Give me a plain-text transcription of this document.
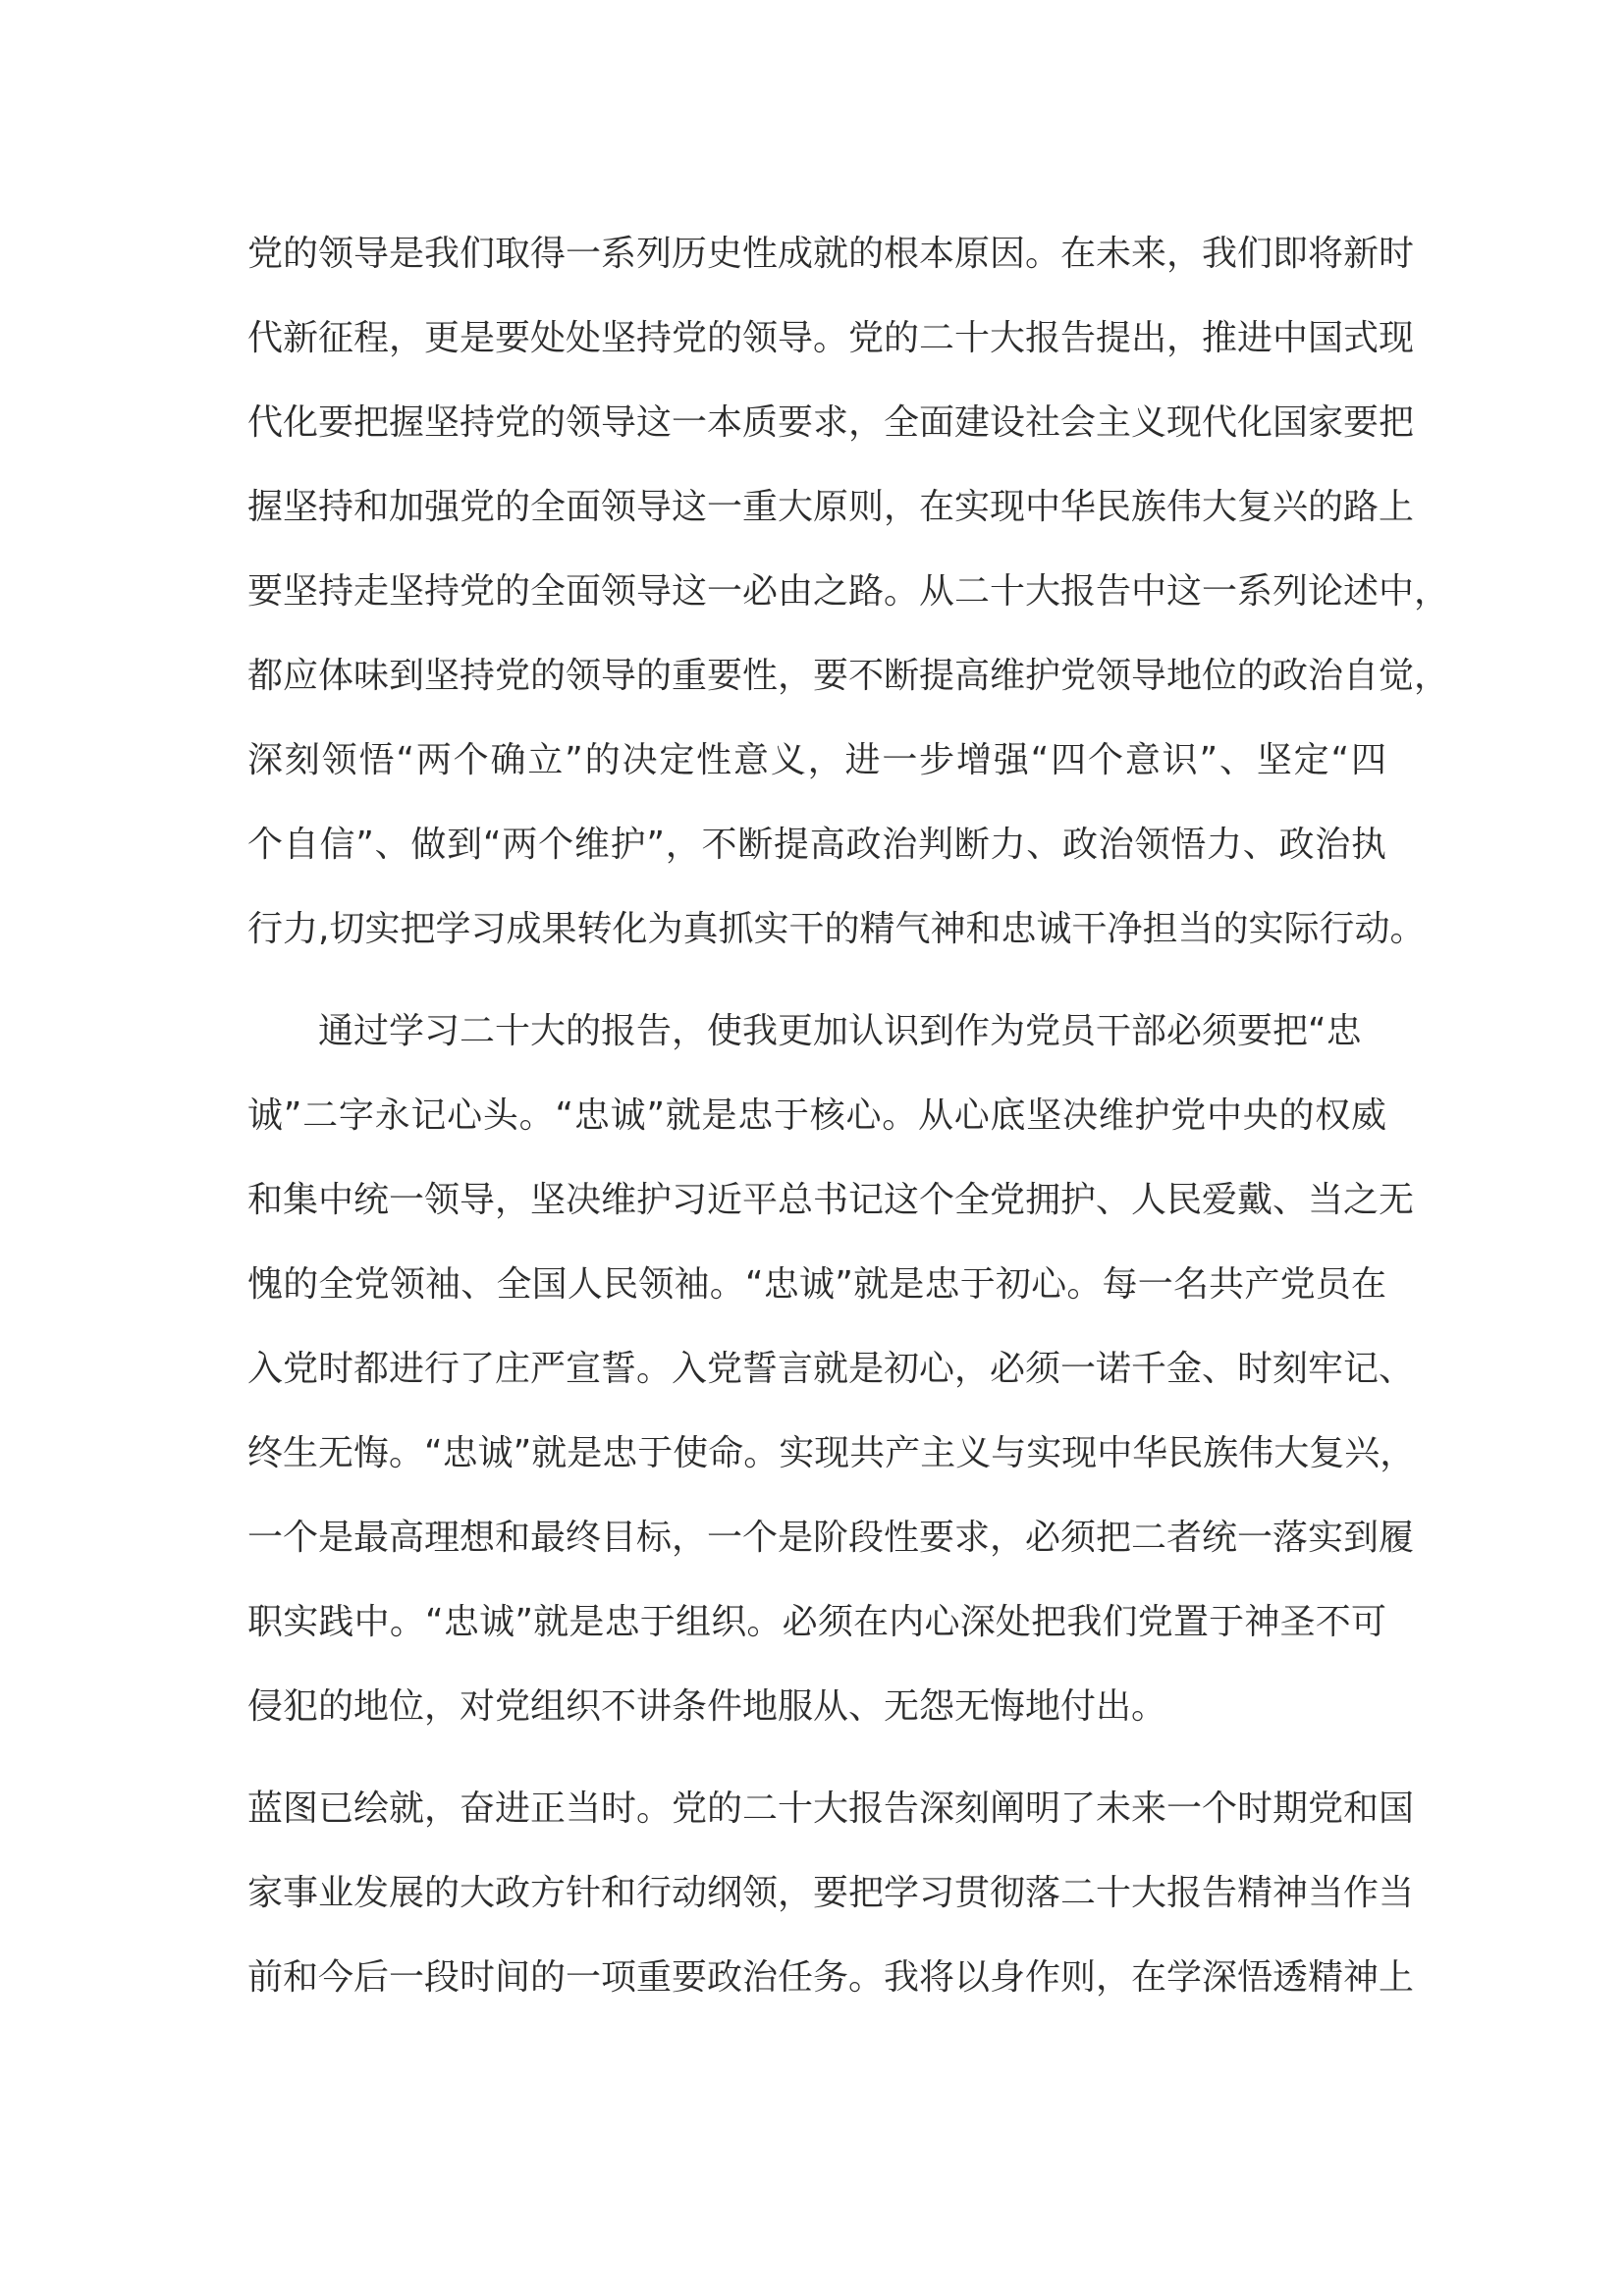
党的领导是我们取得一系列历史性成就的根本原因。在未来，我们即将新时
代新征程，更是要处处坚持党的领导。党的二十大报告提出，推进中国式现
代化要把握坚持党的领导这一本质要求，全面建设社会主义现代化国家要把
握坚持和加强党的全面领导这一重大原则，在实现中华民族伟大复兴的路上
要坚持走坚持党的全面领导这一必由之路。从二十大报告中这一系列论述中，
都应体味到坚持党的领导的重要性，要不断提高维护党领导地位的政治自觉，
深刻领悟“两个确立”的决定性意义，进一步增强“四个意识”、坚定“四
个自信”、做到“两个维护”，不断提高政治判断力、政治领悟力、政治执
行力,切实把学习成果转化为真抓实干的精气神和忠诚干净担当的实际行动。
通过学习二十大的报告，使我更加认识到作为党员干部必须要把“忠
诚”二字永记心头。“忠诚”就是忠于核心。从心底坚决维护党中央的权威
和集中统一领导，坚决维护习近平总书记这个全党拥护、人民爱戴、当之无
愧的全党领袖、全国人民领袖。“忠诚”就是忠于初心。每一名共产党员在
入党时都进行了庄严宣誓。入党誓言就是初心，必须一诺千金、时刻牢记、
终生无悔。“忠诚”就是忠于使命。实现共产主义与实现中华民族伟大复兴，
一个是最高理想和最终目标，一个是阶段性要求，必须把二者统一落实到履
职实践中。“忠诚”就是忠于组织。必须在内心深处把我们党置于神圣不可
侵犯的地位，对党组织不讲条件地服从、无怨无悔地付出。
蓝图已绘就，奋进正当时。党的二十大报告深刻阐明了未来一个时期党和国
家事业发展的大政方针和行动纲领，要把学习贯彻落二十大报告精神当作当
前和今后一段时间的一项重要政治任务。我将以身作则，在学深悟透精神上
